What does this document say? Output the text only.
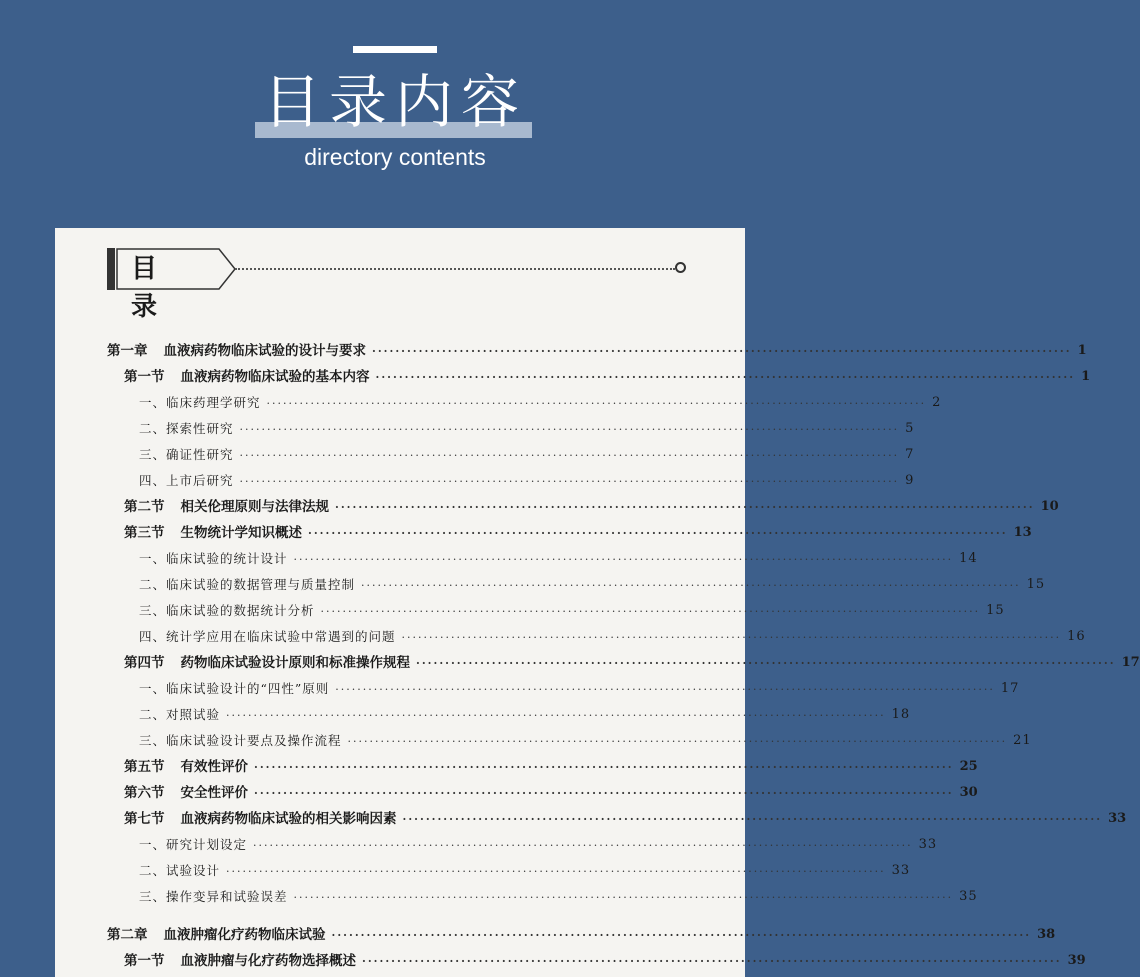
目录内容
directory contents
目 录
第一章 血液病药物临床试验的设计与要求 ························································································································ 1
第一节 血液病药物临床试验的基本内容 ························································································································ 1
一、临床药理学研究 ························································································································ 2
二、探索性研究 ························································································································ 5
三、确证性研究 ························································································································ 7
四、上市后研究 ························································································································ 9
第二节 相关伦理原则与法律法规 ························································································································ 10
第三节 生物统计学知识概述 ························································································································ 13
一、临床试验的统计设计 ························································································································ 14
二、临床试验的数据管理与质量控制 ························································································································ 15
三、临床试验的数据统计分析 ························································································································ 15
四、统计学应用在临床试验中常遇到的问题 ························································································································ 16
第四节 药物临床试验设计原则和标准操作规程 ························································································································ 17
一、临床试验设计的“四性”原则 ························································································································ 17
二、对照试验 ························································································································ 18
三、临床试验设计要点及操作流程 ························································································································ 21
第五节 有效性评价 ························································································································ 25
第六节 安全性评价 ························································································································ 30
第七节 血液病药物临床试验的相关影响因素 ························································································································ 33
一、研究计划设定 ························································································································ 33
二、试验设计 ························································································································ 33
三、操作变异和试验误差 ························································································································ 35
第二章 血液肿瘤化疗药物临床试验 ························································································································ 38
第一节 血液肿瘤与化疗药物选择概述 ························································································································ 39
